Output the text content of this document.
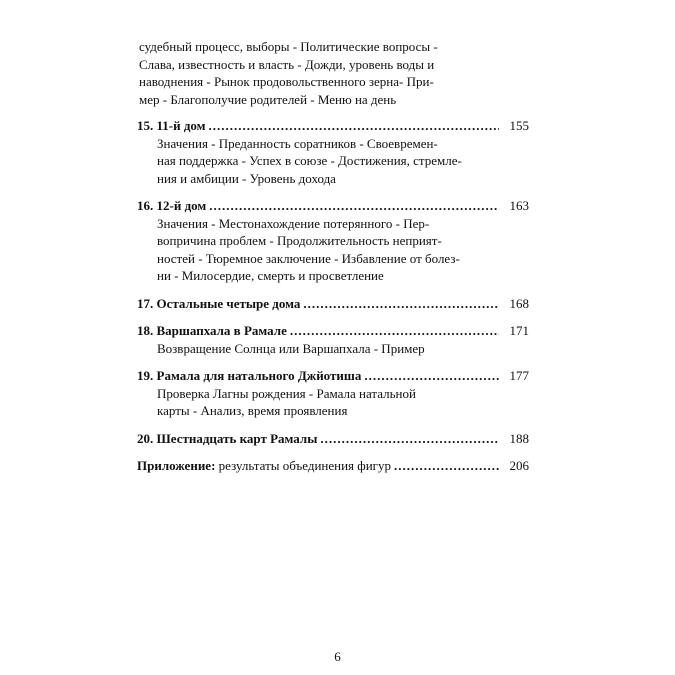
судебный процесс, выборы - Политические вопросы -
Слава, известность и власть - Дожди, уровень воды и
наводнения - Рынок продовольственного зерна- При-
мер - Благополучие родителей - Меню на день
15. 11-й дом .....	155
Значения - Преданность соратников - Своевремен-
ная поддержка - Успех в союзе - Достижения, стремле-
ния и амбиции - Уровень дохода
16. 12-й дом .....	163
Значения - Местонахождение потерянного - Пер-
вопричина проблем - Продолжительность неприят-
ностей - Тюремное заключение - Избавление от болез-
ни - Милосердие, смерть и просветление
17. Остальные четыре дома .....	168
18. Варшапхала в Рамале .....	171
Возвращение Солнца или Варшапхала - Пример
19. Рамала для натального Джйотиша .....	177
Проверка Лагны рождения - Рамала натальной
карты - Анализ, время проявления
20. Шестнадцать карт Рамалы .....	188
Приложение: результаты объединения фигур .....	206
6
